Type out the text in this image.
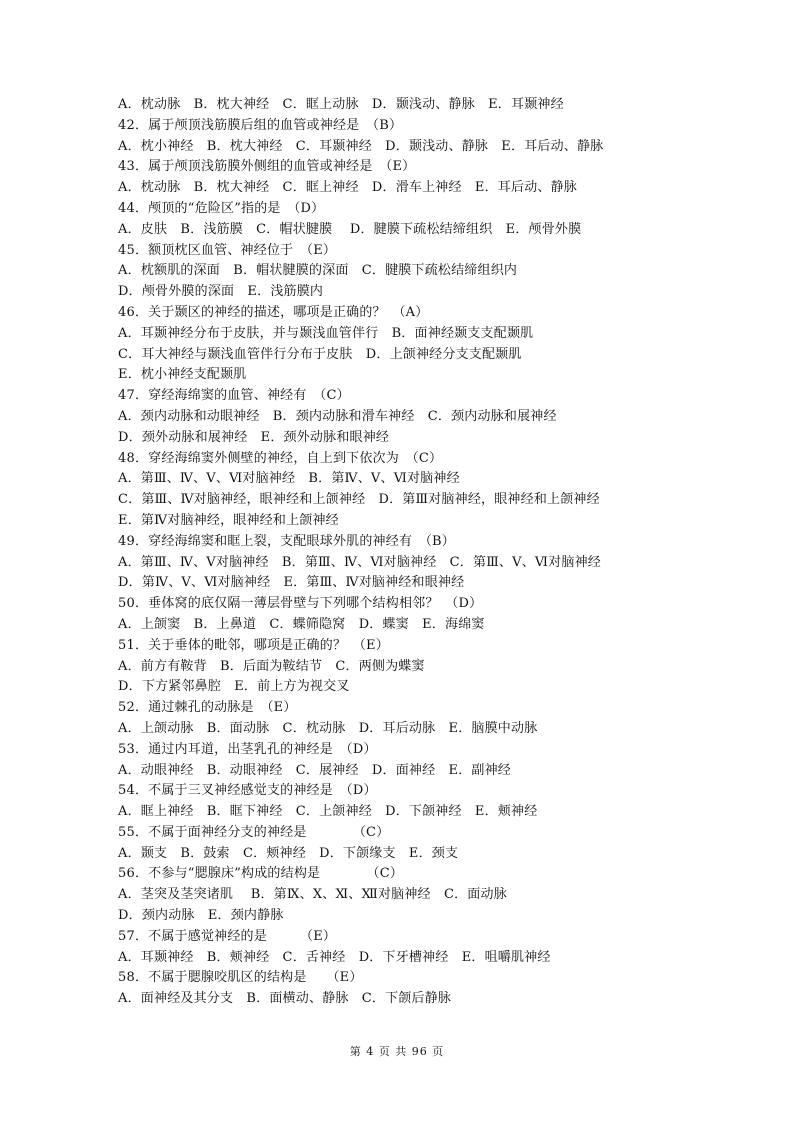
A．枕动脉　B．枕大神经　C．眶上动脉　D．颞浅动、静脉　E．耳颞神经
42．属于颅顶浅筋膜后组的血管或神经是　（B）
A．枕小神经　B．枕大神经　C．耳颞神经　D．颞浅动、静脉　E．耳后动、静脉
43．属于颅顶浅筋膜外侧组的血管或神经是　（E）
A．枕动脉　B．枕大神经　C．眶上神经　D．滑车上神经　E．耳后动、静脉
44．颅顶的“危险区”指的是　（D）
A．皮肤　B．浅筋膜　C．帽状腱膜　 D．腱膜下疏松结缔组织　E．颅骨外膜
45．额顶枕区血管、神经位于　（E）
A．枕额肌的深面　B．帽状腱膜的深面　C．腱膜下疏松结缔组织内
D．颅骨外膜的深面　E．浅筋膜内
46．关于颞区的神经的描述，哪项是正确的？　（A）
A．耳颞神经分布于皮肤，并与颞浅血管伴行　B．面神经颞支支配颞肌
C．耳大神经与颞浅血管伴行分布于皮肤　D．上颌神经分支支配颞肌
E．枕小神经支配颞肌
47．穿经海绵窦的血管、神经有　（C）
A．颈内动脉和动眼神经　B．颈内动脉和滑车神经　C．颈内动脉和展神经
D．颈外动脉和展神经　E．颈外动脉和眼神经
48．穿经海绵窦外侧壁的神经，自上到下依次为　（C）
A．第Ⅲ、Ⅳ、Ⅴ、Ⅵ对脑神经　B．第Ⅳ、Ⅴ、Ⅵ对脑神经
C．第Ⅲ、Ⅳ对脑神经，眼神经和上颌神经　D．第Ⅲ对脑神经，眼神经和上颌神经
E．第Ⅳ对脑神经，眼神经和上颌神经
49．穿经海绵窦和眶上裂，支配眼球外肌的神经有　（B）
A．第Ⅲ、Ⅳ、Ⅴ对脑神经　B．第Ⅲ、Ⅳ、Ⅵ对脑神经　C．第Ⅲ、Ⅴ、Ⅵ对脑神经
D．第Ⅳ、Ⅴ、Ⅵ对脑神经　E．第Ⅲ、Ⅳ对脑神经和眼神经
50．垂体窝的底仅隔一薄层骨壁与下列哪个结构相邻？　（D）
A．上颌窦　B．上鼻道　C．蝶筛隐窝　D．蝶窦　E．海绵窦
51．关于垂体的毗邻，哪项是正确的？　（E）
A．前方有鞍背　B．后面为鞍结节　C．两侧为蝶窦
D．下方紧邻鼻腔　E．前上方为视交叉
52．通过棘孔的动脉是　（E）
A．上颌动脉　B．面动脉　C．枕动脉　D．耳后动脉　E．脑膜中动脉
53．通过内耳道，出茎乳孔的神经是　（D）
A．动眼神经　B．动眼神经　C．展神经　D．面神经　E．副神经
54．不属于三叉神经感觉支的神经是　（D）
A．眶上神经　B．眶下神经　C．上颌神经　D．下颌神经　E．颊神经
55．不属于面神经分支的神经是　　　　（C）
A．颞支　B．鼓索　C．颊神经　D．下颌缘支　E．颈支
56．不参与“腮腺床”构成的结构是　　　　（C）
A．茎突及茎突诸肌　 B．第Ⅸ、Ⅹ、Ⅺ、Ⅻ对脑神经　C．面动脉
D．颈内动脉　E．颈内静脉
57．不属于感觉神经的是　　　（E）
A．耳颞神经　B．颊神经　C．舌神经　D．下牙槽神经　E．咀嚼肌神经
58．不属于腮腺咬肌区的结构是　　（E）
A．面神经及其分支　B．面横动、静脉　C．下颌后静脉
第 4 页 共 96 页
